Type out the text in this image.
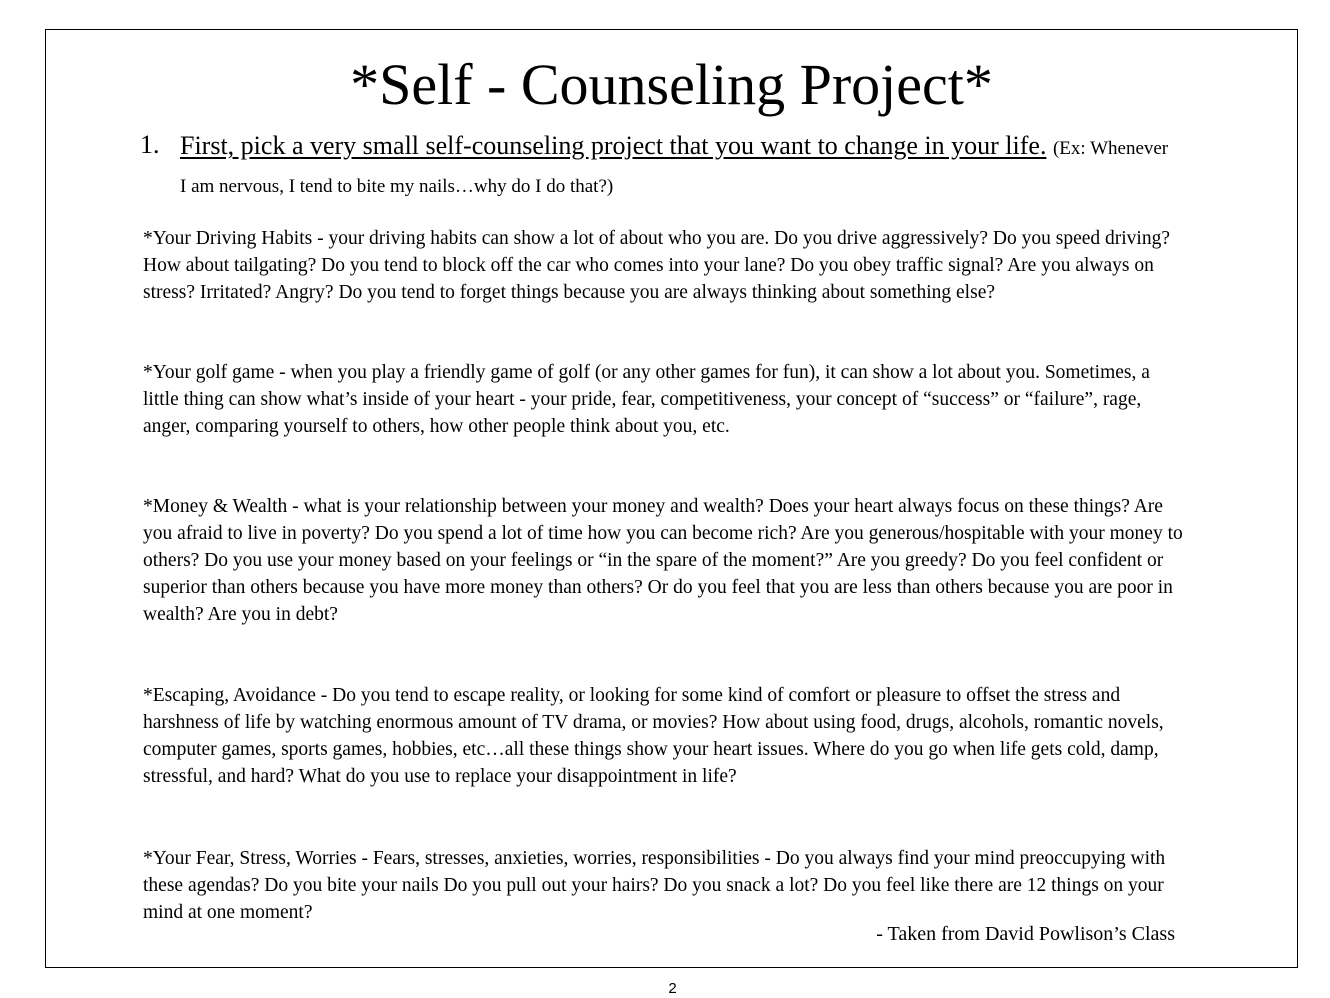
*Self - Counseling Project*
1. First, pick a very small self-counseling project that you want to change in your life. (Ex: Whenever I am nervous, I tend to bite my nails…why do I do that?)
*Your Driving Habits - your driving habits can show a lot of about who you are. Do you drive aggressively? Do you speed driving? How about tailgating? Do you tend to block off the car who comes into your lane? Do you obey traffic signal? Are you always on stress? Irritated? Angry? Do you tend to forget things because you are always thinking about something else?
*Your golf game - when you play a friendly game of golf (or any other games for fun), it can show a lot about you. Sometimes, a little thing can show what’s inside of your heart - your pride, fear, competitiveness, your concept of “success” or “failure”, rage, anger, comparing yourself to others, how other people think about you, etc.
*Money & Wealth - what is your relationship between your money and wealth? Does your heart always focus on these things? Are you afraid to live in poverty? Do you spend a lot of time how you can become rich? Are you generous/hospitable with your money to others? Do you use your money based on your feelings or “in the spare of the moment?” Are you greedy? Do you feel confident or superior than others because you have more money than others? Or do you feel that you are less than others because you are poor in wealth? Are you in debt?
*Escaping, Avoidance - Do you tend to escape reality, or looking for some kind of comfort or pleasure to offset the stress and harshness of life by watching enormous amount of TV drama, or movies? How about using food, drugs, alcohols, romantic novels, computer games, sports games, hobbies, etc…all these things show your heart issues. Where do you go when life gets cold, damp, stressful, and hard? What do you use to replace your disappointment in life?
*Your Fear, Stress, Worries - Fears, stresses, anxieties, worries, responsibilities - Do you always find your mind preoccupying with these agendas? Do you bite your nails Do you pull out your hairs? Do you snack a lot? Do you feel like there are 12 things on your mind at one moment?
- Taken from David Powlison’s Class
2
